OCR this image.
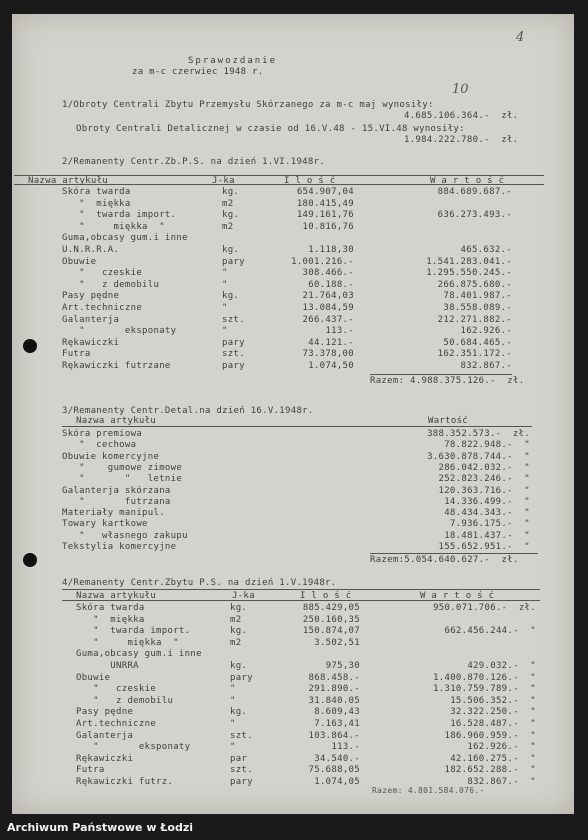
4
10
Sprawozdanie
za m-c czerwiec 1948 r.
1/Obroty Centrali Zbytu Przemysłu Skórzanego za m-c maj wynosiły:
4.685.106.364.-  zł.
Obroty Centrali Detalicznej w czasie od 16.V.48 - 15.VI.48 wynosiły:
1.984.222.780.-  zł.
2/Remanenty Centr.Zb.P.S. na dzień 1.VI.1948r.
Nazwa artykułu	J-ka	I l o ś ć	W a r t o ś ć
Skóra twarda	kg.	654.907,04	884.689.687.-
"  miękka	m2	180.415,49
"  twarda import.	kg.	149.161,76	636.273.493.-
"     miękka  "	m2	10.816,76
Guma,obcasy gum.i inne
U.N.R.R.A.	kg.	1.118,30	465.632.-
Obuwie	pary	1.001.216.-	1.541.283.041.-
"   czeskie	"	308.466.-	1.295.550.245.-
"   z demobilu	"	60.188.-	266.875.680.-
Pasy pędne	kg.	21.764,03	78.401.987.-
Art.techniczne	"	13.084,59	38.558.089.-
Galanterja	szt.	266.437.-	212.271.882.-
"       eksponaty	"	113.-	162.926.-
Rękawiczki	pary	44.121.-	50.684.465.-
Futra	szt.	73.378,00	162.351.172.-
Rękawiczki futrzane	pary	1.074,50	832.867.-
Razem: 4.988.375.126.-  zł.
3/Remanenty Centr.Detal.na dzień 16.V.1948r.
Nazwa artykułu	Wartość
Skóra premiowa	388.352.573.-  zł.
"  cechowa	78.822.948.-  "
Obuwie komercyjne	3.630.878.744.-  "
"    gumowe zimowe	286.042.032.-  "
"       "   letnie	252.823.246.-  "
Galanterja skórzana	120.363.716.-  "
"       futrzana	14.336.499.-  "
Materiały manipul.	48.434.343.-  "
Towary kartkowe	7.936.175.-  "
"   własnego zakupu	18.481.437.-  "
Tekstylia komercyjne	155.652.951.-  "
Razem:5.054.640.627.-  zł.
4/Remanenty Centr.Zbytu P.S. na dzień 1.V.1948r.
Nazwa artykułu	J-ka	I l o ś ć	W a r t o ś ć
Skóra twarda	kg.	885.429,05	950.071.706.-  zł.
"  miękka	m2	250.160,35
"  twarda import.	kg.	150.874,07	662.456.244.-  "
"     miękka  "	m2	3.502,51
Guma,obcasy gum.i inne
UNRRA	kg.	975,30	429.032.-  "
Obuwie	pary	868.458.-	1.400.870.126.-  "
"   czeskie	"	291.890.-	1.310.759.789.-  "
"   z demobilu	"	31.840.05	15.506.352.-  "
Pasy pędne	kg.	8.609,43	32.322.250.-  "
Art.techniczne	"	7.163,41	16.528.487.-  "
Galanterja	szt.	103.864.-	186.960.959.-  "
"       eksponaty	"	113.-	162.926.-  "
Rękawiczki	par	34.540.-	42.160.275.-  "
Futra	szt.	75.688,05	182.652.288.-  "
Rękawiczki futrz.	pary	1.074,05	832.867.-  "
Razem: 4.801.584.076.-
Archiwum Państwowe w Łodzi
